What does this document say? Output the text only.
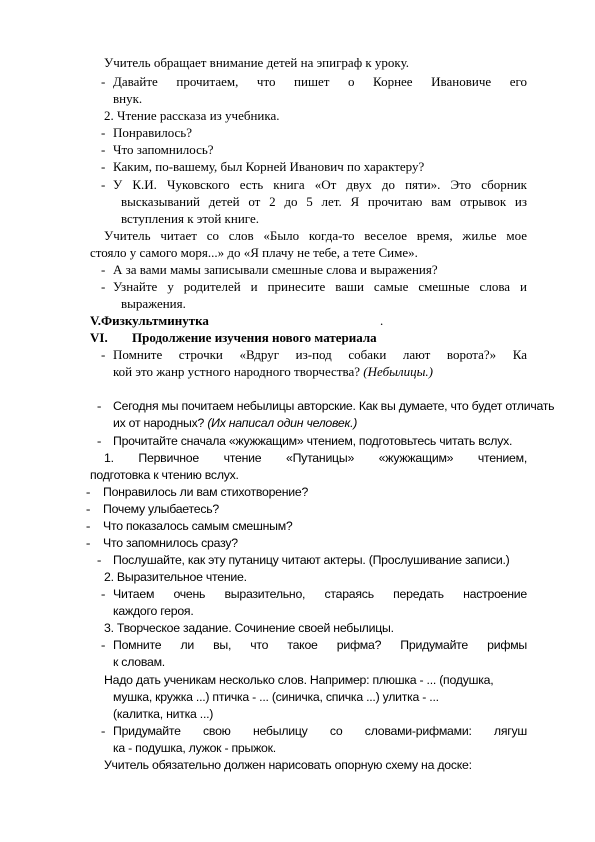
Учитель обращает внимание детей на эпиграф к уроку.
- Давайте прочитаем, что пишет о Корнее Ивановиче его
внук.
2. Чтение рассказа из учебника.
- Понравилось?
- Что запомнилось?
- Каким, по-вашему, был Корней Иванович по характеру?
- У К.И. Чуковского есть книга «От двух до пяти». Это сборник
высказываний детей от 2 до 5 лет. Я прочитаю вам отрывок из
вступления к этой книге.
Учитель читает со слов «Было когда-то веселое время, жилье мое
стояло у самого моря...» до «Я плачу не тебе, а тете Симе».
- А за вами мамы записывали смешные слова и выражения?
- Узнайте у родителей и принесите ваши самые смешные слова и
выражения.
V.Физкультминутка	.
VI. Продолжение изучения нового материала
- Помните строчки «Вдруг из-под собаки лают ворота?» Ка
кой это жанр устного народного творчества? (Небылицы.)
- Сегодня мы почитаем небылицы авторские. Как вы думаете, что будет отличать
их от народных? (Их написал один человек.)
- Прочитайте сначала «жужжащим» чтением, подготовьтесь читать вслух.
1. Первичное чтение «Путаницы» «жужжащим» чтением,
подготовка к чтению вслух.
- Понравилось ли вам стихотворение?
- Почему улыбаетесь?
- Что показалось самым смешным?
- Что запомнилось сразу?
- Послушайте, как эту путаницу читают актеры. (Прослушивание записи.)
2. Выразительное чтение.
- Читаем очень выразительно, стараясь передать настроение
каждого героя.
3. Творческое задание. Сочинение своей небылицы.
- Помните ли вы, что такое рифма? Придумайте рифмы
к словам.
Надо дать ученикам несколько слов. Например: плюшка - ... (подушка,
мушка, кружка ...) птичка - ... (синичка, спичка ...) улитка - ...
(калитка, нитка ...)
- Придумайте свою небылицу со словами-рифмами: лягуш
ка - подушка, лужок - прыжок.
Учитель обязательно должен нарисовать опорную схему на доске:
